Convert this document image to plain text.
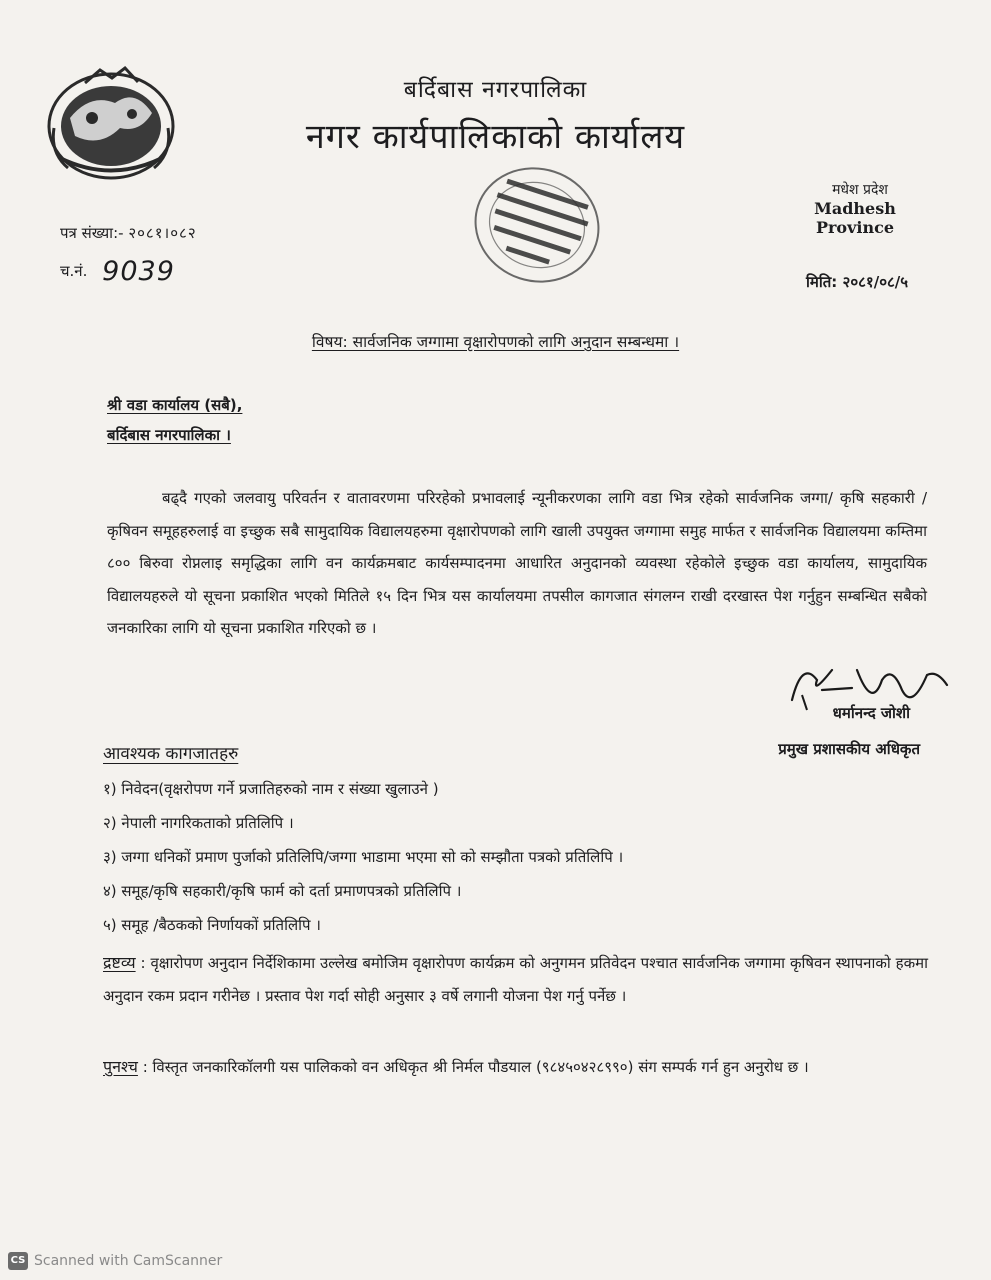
बर्दिबास नगरपालिका
नगर कार्यपालिकाको कार्यालय
मधेश प्रदेश
Madhesh Province
पत्र संख्या:- २०८१।०८२
च.नं. 9039	मिति: २०८१/०८/५
विषय: सार्वजनिक जग्गामा वृक्षारोपणको लागि अनुदान सम्बन्धमा ।
श्री वडा कार्यालय (सबै),
बर्दिबास नगरपालिका ।
बढ्दै गएको जलवायु परिवर्तन र वातावरणमा परिरहेको प्रभावलाई न्यूनीकरणका लागि वडा भित्र रहेको सार्वजनिक जग्गा/ कृषि सहकारी /कृषिवन समूहहरुलाई वा इच्छुक सबै सामुदायिक विद्यालयहरुमा वृक्षारोपणको लागि खाली उपयुक्त जग्गामा समुह मार्फत र सार्वजनिक विद्यालयमा कम्तिमा ८०० बिरुवा रोप्नलाइ समृद्धिका लागि वन कार्यक्रमबाट कार्यसम्पादनमा आधारित अनुदानको व्यवस्था रहेकोले इच्छुक वडा कार्यालय, सामुदायिक विद्यालयहरुले यो सूचना प्रकाशित भएको मितिले १५ दिन भित्र यस कार्यालयमा तपसील कागजात संगलग्न राखी दरखास्त पेश गर्नुहुन सम्बन्धित सबैको जनकारिका लागि यो सूचना प्रकाशित गरिएको छ ।
धर्मानन्द जोशी
प्रमुख प्रशासकीय अधिकृत
आवश्यक कागजातहरु
१) निवेदन(वृक्षरोपण गर्ने प्रजातिहरुको नाम र संख्या खुलाउने )
२) नेपाली नागरिकताको प्रतिलिपि ।
३) जग्गा धनिकों प्रमाण पुर्जाको प्रतिलिपि/जग्गा भाडामा भएमा सो को सम्झौता पत्रको प्रतिलिपि ।
४) समूह/कृषि सहकारी/कृषि फार्म को दर्ता प्रमाणपत्रको प्रतिलिपि ।
५) समूह /बैठकको निर्णायकों प्रतिलिपि ।
द्रष्टव्य : वृक्षारोपण अनुदान निर्देशिकामा उल्लेख बमोजिम वृक्षारोपण कार्यक्रम को अनुगमन प्रतिवेदन पश्चात सार्वजनिक जग्गामा कृषिवन स्थापनाको हकमा अनुदान रकम प्रदान गरीनेछ । प्रस्ताव पेश गर्दा सोही अनुसार ३ वर्षे लगानी योजना पेश गर्नु पर्नेछ ।
पुनश्च : विस्तृत जनकारिकॉलगी यस पालिकको वन अधिकृत श्री निर्मल पौडयाल (९८४५०४२८९९०) संग सम्पर्क गर्न हुन अनुरोध छ ।
CS Scanned with CamScanner
